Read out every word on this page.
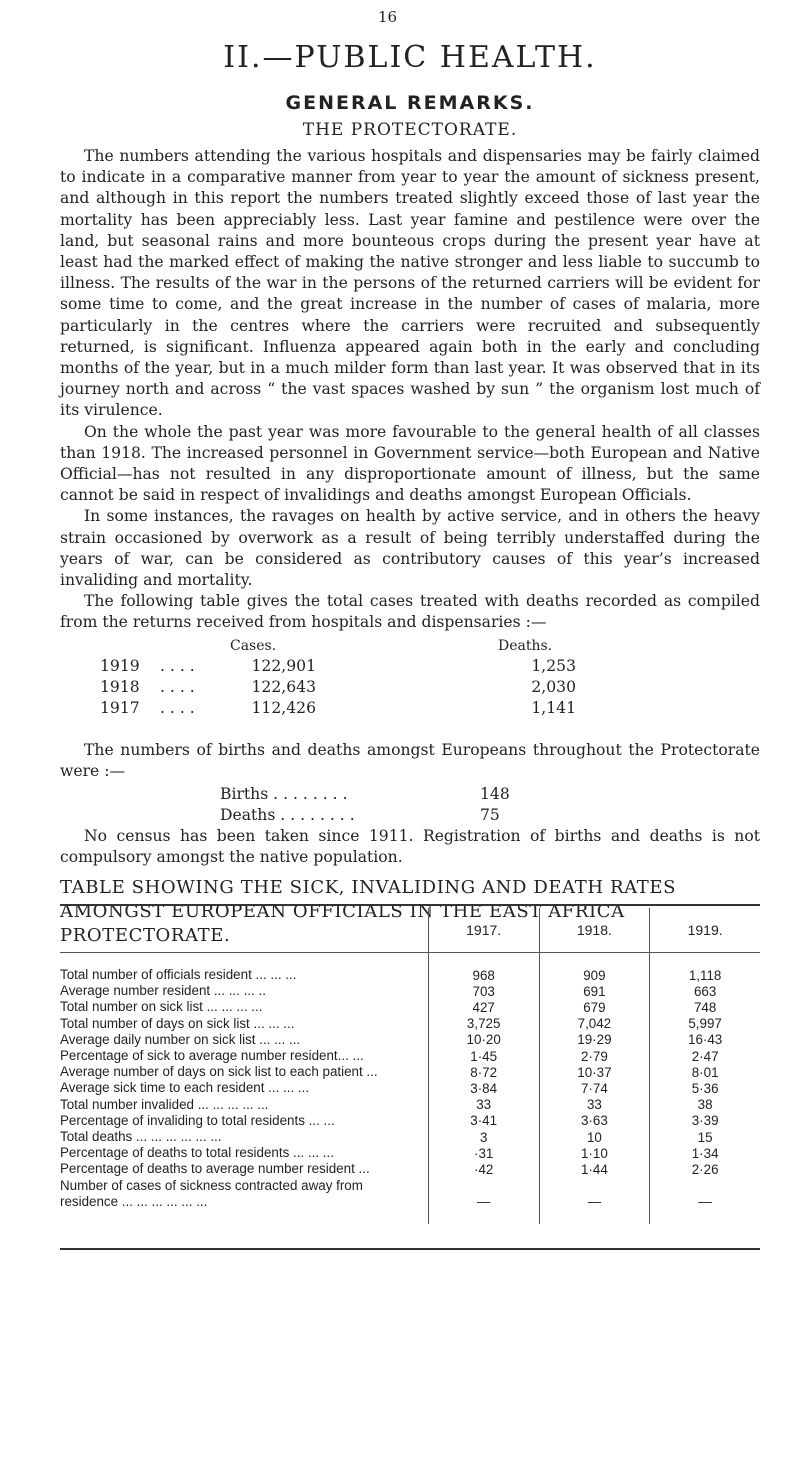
16
II.—PUBLIC HEALTH.
GENERAL REMARKS.
THE PROTECTORATE.

The numbers attending the various hospitals and dispensaries may be fairly claimed to indicate in a comparative manner from year to year the amount of sickness present, and although in this report the numbers treated slightly exceed those of last year the mortality has been appreciably less. Last year famine and pestilence were over the land, but seasonal rains and more bounteous crops during the present year have at least had the marked effect of making the native stronger and less liable to succumb to illness. The results of the war in the persons of the returned carriers will be evident for some time to come, and the great increase in the number of cases of malaria, more particularly in the centres where the carriers were recruited and subsequently returned, is significant. Influenza appeared again both in the early and concluding months of the year, but in a much milder form than last year. It was observed that in its journey north and across “ the vast spaces washed by sun ” the organism lost much of its virulence.

On the whole the past year was more favourable to the general health of all classes than 1918. The increased personnel in Government service—both European and Native Official—has not resulted in any disproportionate amount of illness, but the same cannot be said in respect of invalidings and deaths amongst European Officials.

In some instances, the ravages on health by active service, and in others the heavy strain occasioned by overwork as a result of being terribly understaffed during the years of war, can be considered as contributory causes of this year’s increased invaliding and mortality.

The following table gives the total cases treated with deaths recorded as compiled from the returns received from hospitals and dispensaries :—

Cases.	Deaths.
1919 . . . .	122,901	1,253
1918 . . . .	122,643	2,030
1917 . . . .	112,426	1,141

The numbers of births and deaths amongst Europeans throughout the Protectorate were :—

Births . . . . . . . .	148
Deaths . . . . . . . .	75

No census has been taken since 1911. Registration of births and deaths is not compulsory amongst the native population.

TABLE SHOWING THE SICK, INVALIDING AND DEATH RATES AMONGST EUROPEAN OFFICIALS IN THE EAST AFRICA PROTECTORATE.
		1917.	1918.	1919.

Total number of officials resident ... ... ...	968	909	1,118
Average number resident ... ... ... ..	703	691	663
Total number on sick list ... ... ... ...	427	679	748
Total number of days on sick list ... ... ...	3,725	7,042	5,997
Average daily number on sick list ... ... ...	10·20	19·29	16·43
Percentage of sick to average number resident... ...	1·45	2·79	2·47
Average number of days on sick list to each patient ...	8·72	10·37	8·01
Average sick time to each resident ... ... ...	3·84	7·74	5·36
Total number invalided ... ... ... ... ...	33	33	38
Percentage of invaliding to total residents ... ...	3·41	3·63	3·39
Total deaths ... ... ... ... ... ...	3	10	15
Percentage of deaths to total residents ... ... ...	·31	1·10	1·34
Percentage of deaths to average number resident ...	·42	1·44	2·26
Number of cases of sickness contracted away from			
residence ... ... ... ... ... ...	—	—	—
